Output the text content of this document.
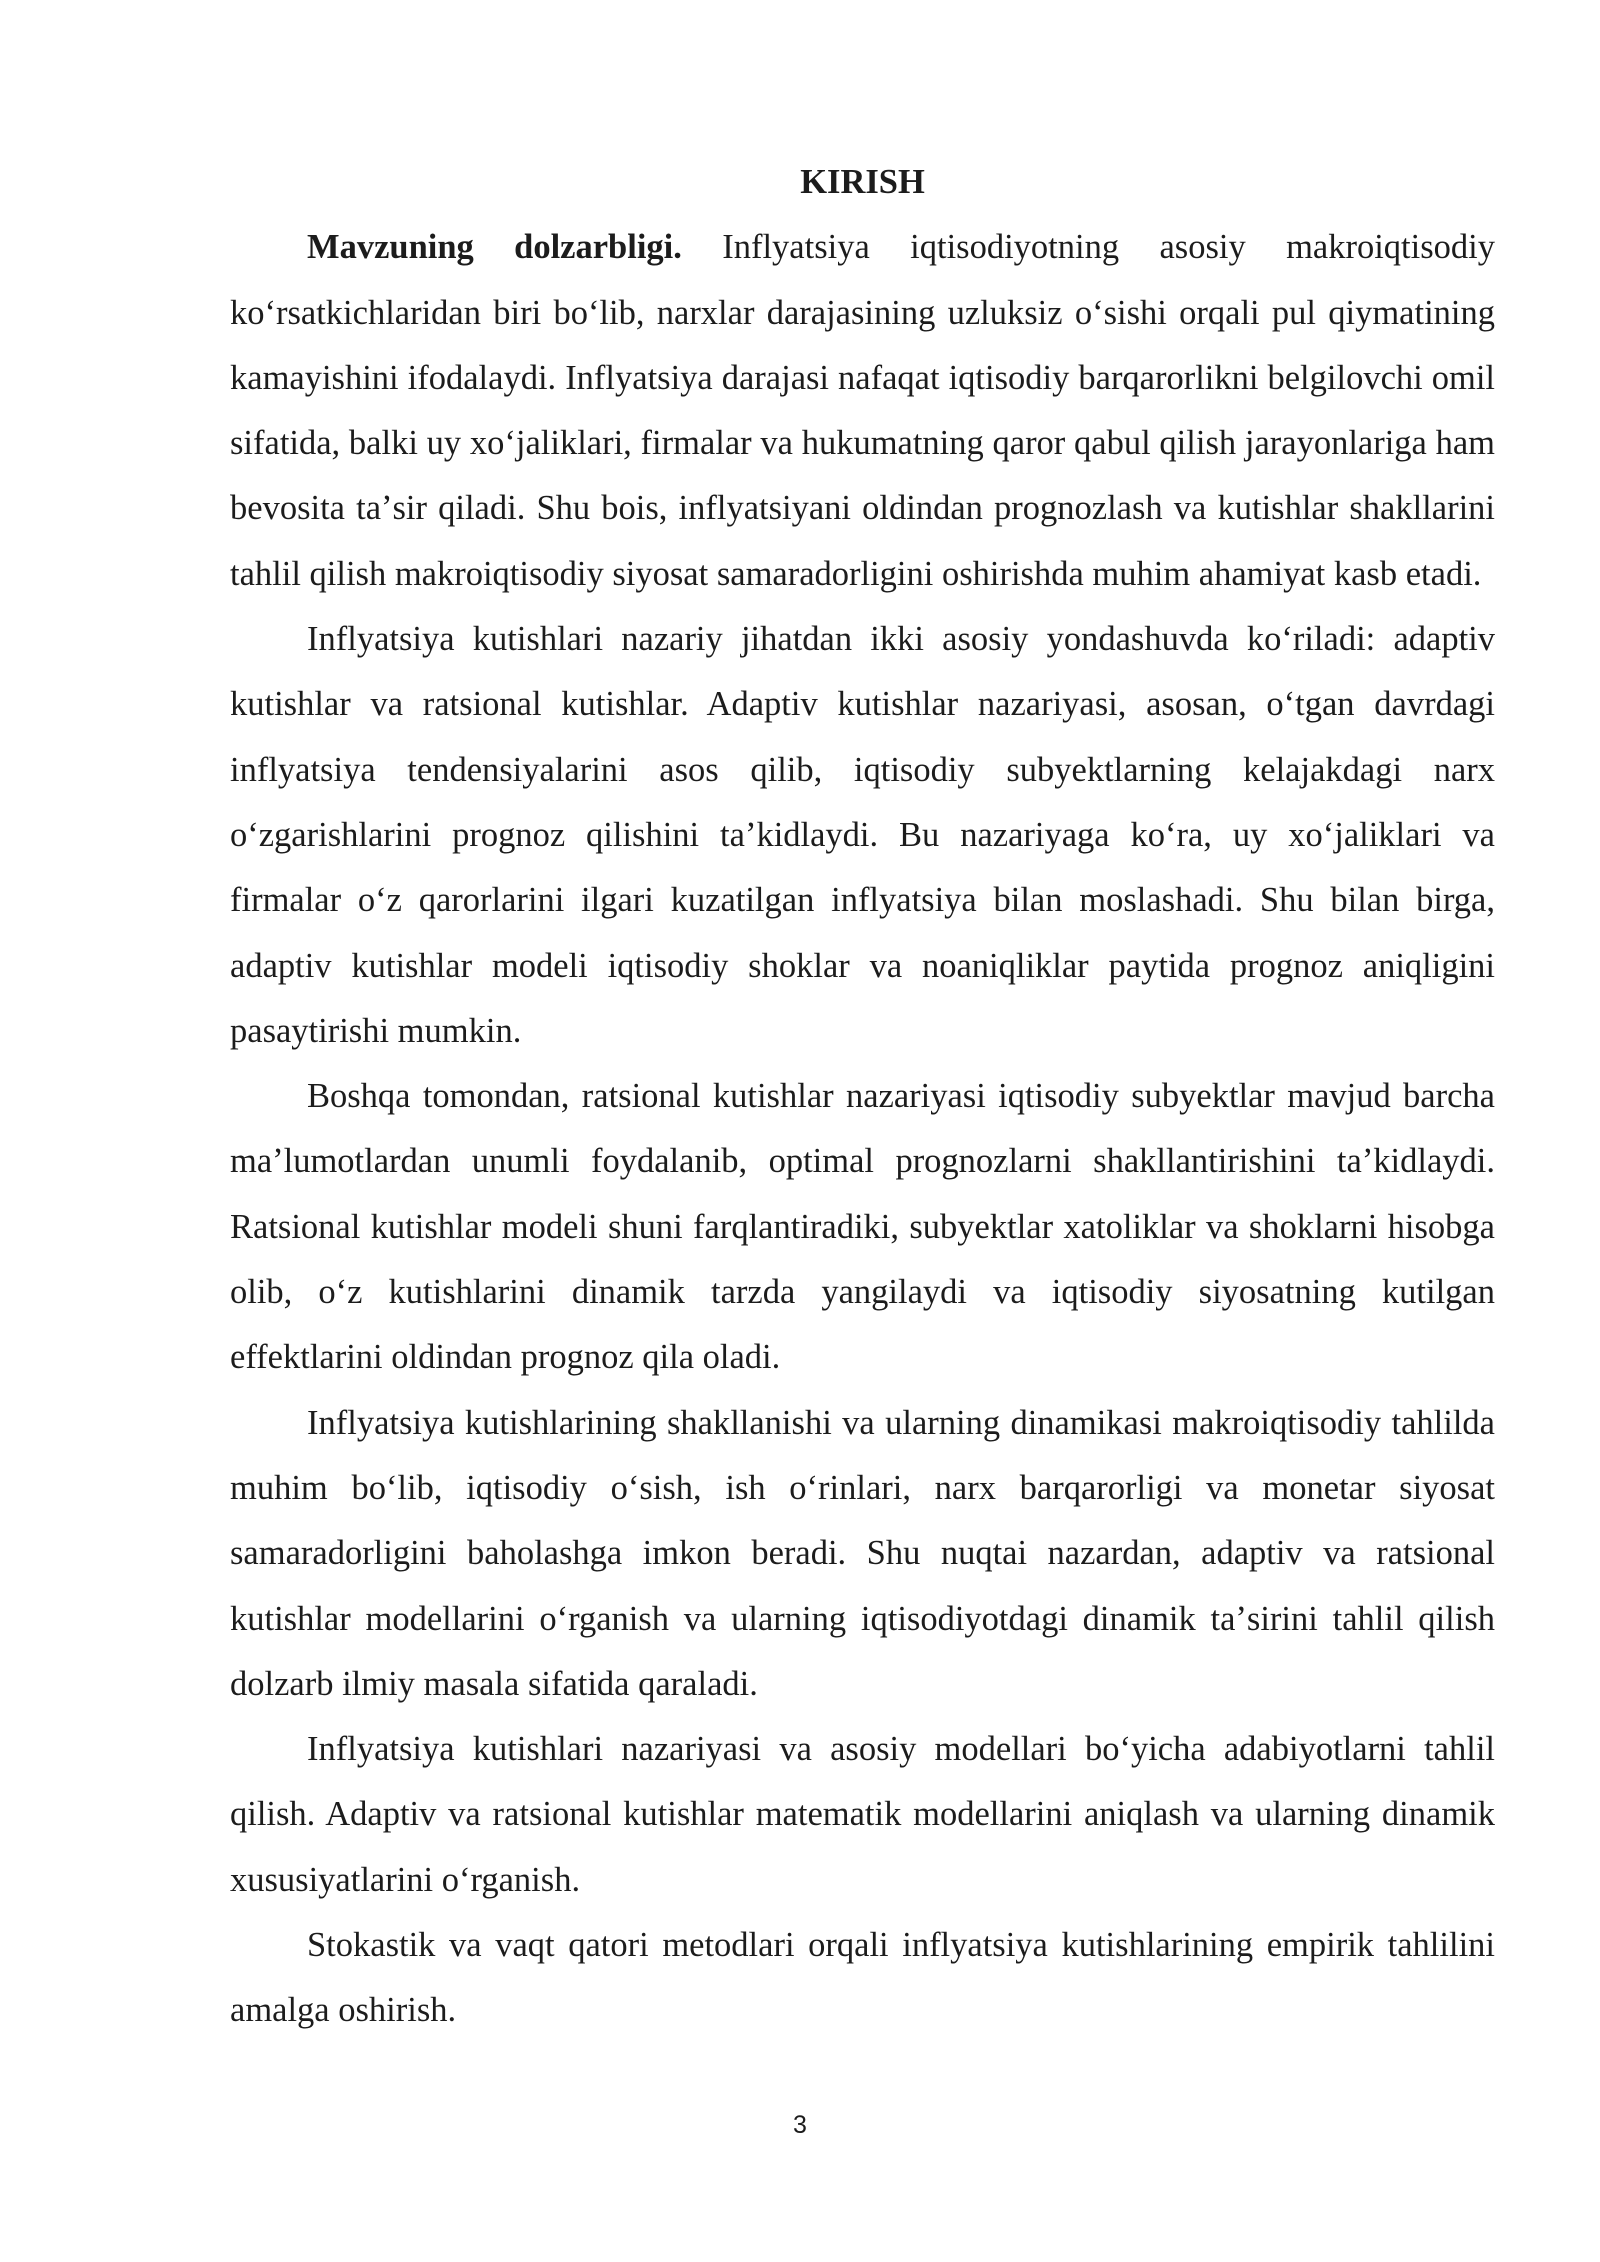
KIRISH

Mavzuning dolzarbligi. Inflyatsiya iqtisodiyotning asosiy makroiqtisodiy koʻrsatkichlaridan biri boʻlib, narxlar darajasining uzluksiz oʻsishi orqali pul qiymatining kamayishini ifodalaydi. Inflyatsiya darajasi nafaqat iqtisodiy barqarorlikni belgilovchi omil sifatida, balki uy xoʻjaliklari, firmalar va hukumatning qaror qabul qilish jarayonlariga ham bevosita taʼsir qiladi. Shu bois, inflyatsiyani oldindan prognozlash va kutishlar shakllarini tahlil qilish makroiqtisodiy siyosat samaradorligini oshirishda muhim ahamiyat kasb etadi.

Inflyatsiya kutishlari nazariy jihatdan ikki asosiy yondashuvda koʻriladi: adaptiv kutishlar va ratsional kutishlar. Adaptiv kutishlar nazariyasi, asosan, oʻtgan davrdagi inflyatsiya tendensiyalarini asos qilib, iqtisodiy subyektlarning kelajakdagi narx oʻzgarishlarini prognoz qilishini taʼkidlaydi. Bu nazariyaga koʻra, uy xoʻjaliklari va firmalar oʻz qarorlarini ilgari kuzatilgan inflyatsiya bilan moslashadi. Shu bilan birga, adaptiv kutishlar modeli iqtisodiy shoklar va noaniqliklar paytida prognoz aniqligini pasaytirishi mumkin.

Boshqa tomondan, ratsional kutishlar nazariyasi iqtisodiy subyektlar mavjud barcha maʼlumotlardan unumli foydalanib, optimal prognozlarni shakllantirishini taʼkidlaydi. Ratsional kutishlar modeli shuni farqlantiradiki, subyektlar xatoliklar va shoklarni hisobga olib, oʻz kutishlarini dinamik tarzda yangilaydi va iqtisodiy siyosatning kutilgan effektlarini oldindan prognoz qila oladi.

Inflyatsiya kutishlarining shakllanishi va ularning dinamikasi makroiqtisodiy tahlilda muhim boʻlib, iqtisodiy oʻsish, ish oʻrinlari, narx barqarorligi va monetar siyosat samaradorligini baholashga imkon beradi. Shu nuqtai nazardan, adaptiv va ratsional kutishlar modellarini oʻrganish va ularning iqtisodiyotdagi dinamik taʼsirini tahlil qilish dolzarb ilmiy masala sifatida qaraladi.

Inflyatsiya kutishlari nazariyasi va asosiy modellari boʻyicha adabiyotlarni tahlil qilish. Adaptiv va ratsional kutishlar matematik modellarini aniqlash va ularning dinamik xususiyatlarini oʻrganish.

Stokastik va vaqt qatori metodlari orqali inflyatsiya kutishlarining empirik tahlilini amalga oshirish.

3
